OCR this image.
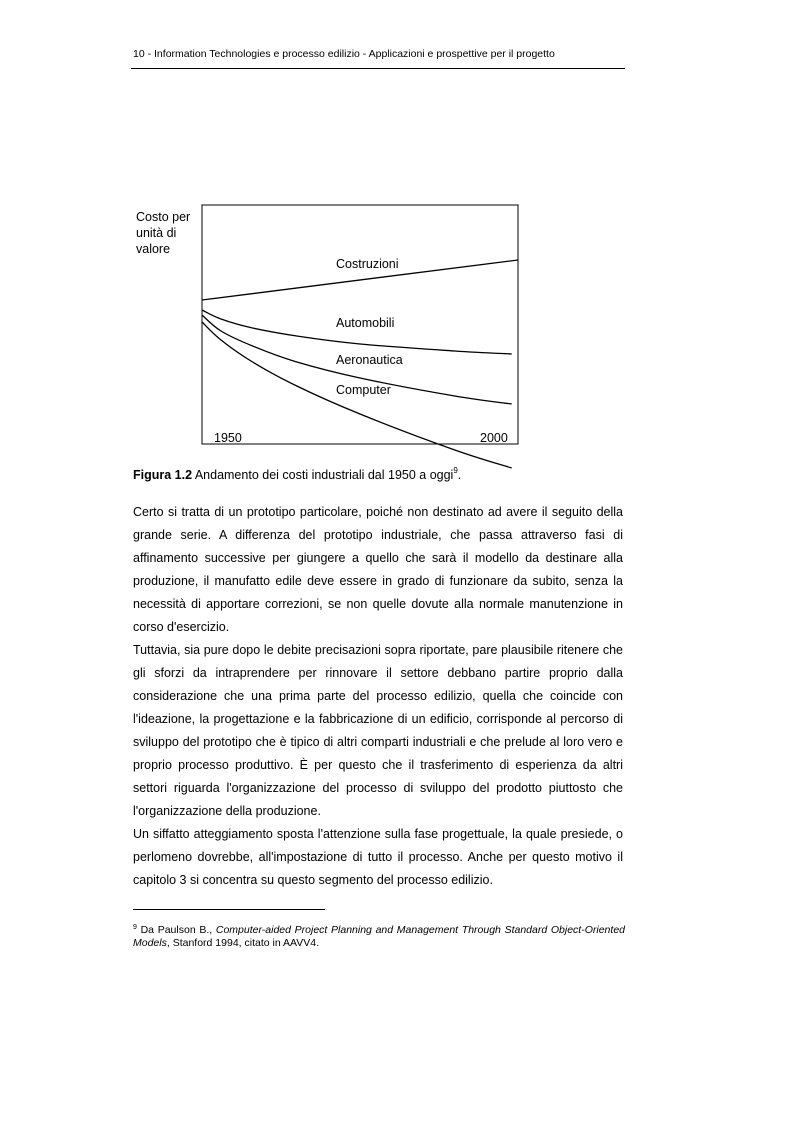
10 - Information Technologies e processo edilizio - Applicazioni e prospettive per il progetto
Costo per
unità di
valore
1950	2000
Costruzioni
Automobili
Aeronautica
Computer
Figura 1.2 Andamento dei costi industriali dal 1950 a oggi$^9$.

Certo si tratta di un prototipo particolare, poiché non destinato ad avere il seguito della grande serie. A differenza del prototipo industriale, che passa attraverso fasi di affinamento successive per giungere a quello che sarà il modello da destinare alla produzione, il manufatto edile deve essere in grado di funzionare da subito, senza la necessità di apportare correzioni, se non quelle dovute alla normale manutenzione in corso d'esercizio.

Tuttavia, sia pure dopo le debite precisazioni sopra riportate, pare plausibile ritenere che gli sforzi da intraprendere per rinnovare il settore debbano partire proprio dalla considerazione che una prima parte del processo edilizio, quella che coincide con l'ideazione, la progettazione e la fabbricazione di un edificio, corrisponde al percorso di sviluppo del prototipo che è tipico di altri comparti industriali e che prelude al loro vero e proprio processo produttivo. È per questo che il trasferimento di esperienza da altri settori riguarda l'organizzazione del processo di sviluppo del prodotto piuttosto che l'organizzazione della produzione.

Un siffatto atteggiamento sposta l'attenzione sulla fase progettuale, la quale presiede, o perlomeno dovrebbe, all'impostazione di tutto il processo. Anche per questo motivo il capitolo 3 si concentra su questo segmento del processo edilizio.

$^9$ Da Paulson B., Computer-aided Project Planning and Management Through Standard Object-Oriented Models, Stanford 1994, citato in AAVV4.
